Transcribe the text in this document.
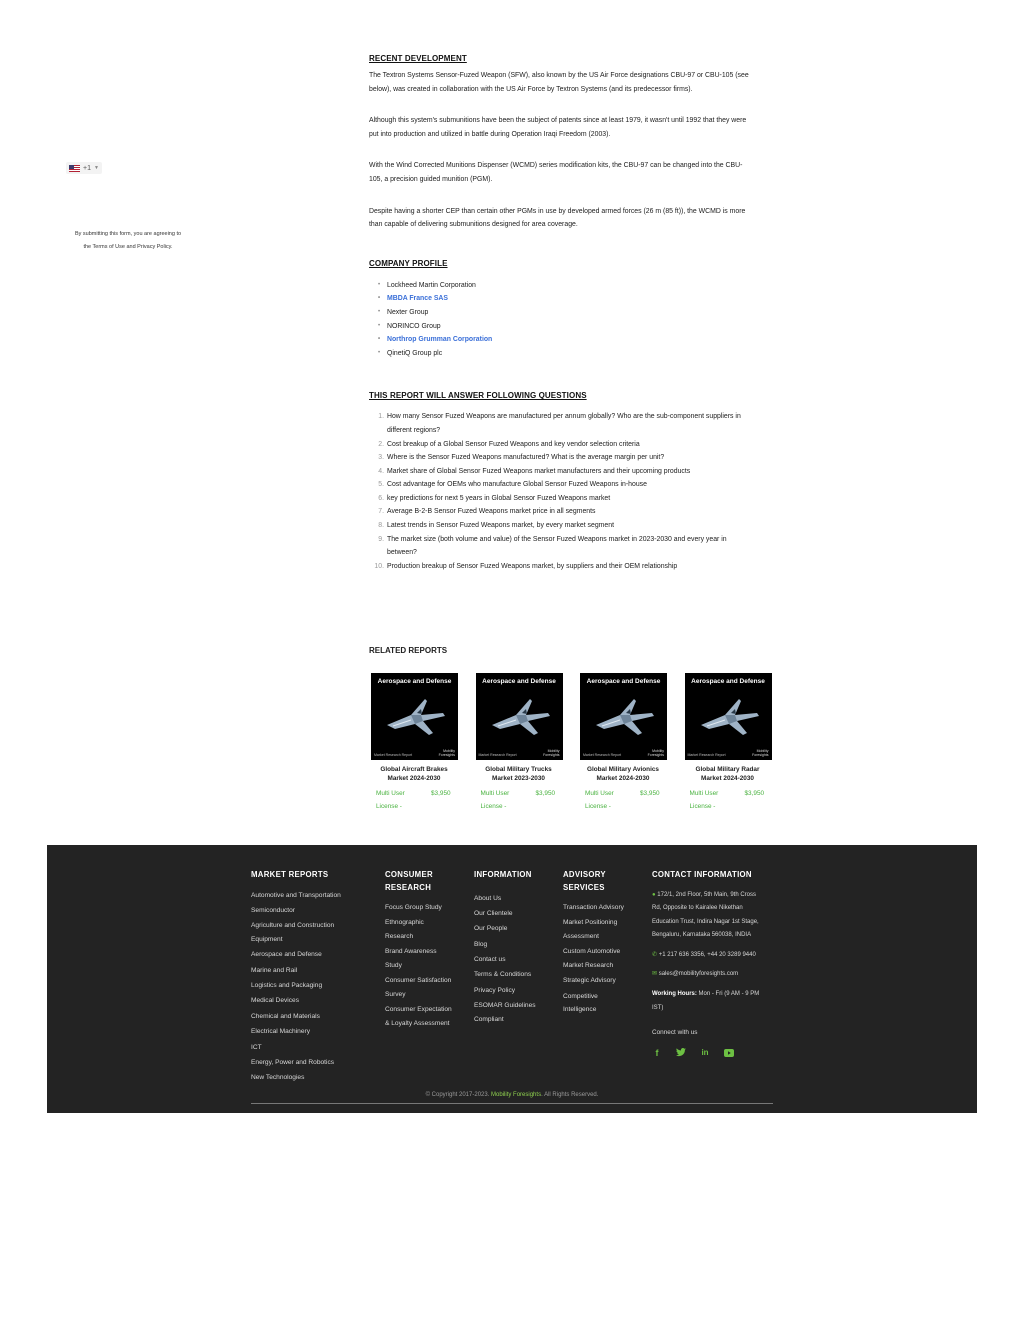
+1 ▼
By submitting this form, you are agreeing to
the Terms of Use and Privacy Policy.
RECENT DEVELOPMENT
The Textron Systems Sensor-Fuzed Weapon (SFW), also known by the US Air Force designations CBU-97 or CBU-105 (see
below), was created in collaboration with the US Air Force by Textron Systems (and its predecessor firms).
Although this system's submunitions have been the subject of patents since at least 1979, it wasn't until 1992 that they were
put into production and utilized in battle during Operation Iraqi Freedom (2003).
With the Wind Corrected Munitions Dispenser (WCMD) series modification kits, the CBU-97 can be changed into the CBU-
105, a precision guided munition (PGM).
Despite having a shorter CEP than certain other PGMs in use by developed armed forces (26 m (85 ft)), the WCMD is more
than capable of delivering submunitions designed for area coverage.
COMPANY PROFILE
• Lockheed Martin Corporation
• MBDA France SAS
• Nexter Group
• NORINCO Group
• Northrop Grumman Corporation
• QinetiQ Group plc
THIS REPORT WILL ANSWER FOLLOWING QUESTIONS
1. How many Sensor Fuzed Weapons are manufactured per annum globally? Who are the sub-component suppliers in
different regions?
2. Cost breakup of a Global Sensor Fuzed Weapons and key vendor selection criteria
3. Where is the Sensor Fuzed Weapons manufactured? What is the average margin per unit?
4. Market share of Global Sensor Fuzed Weapons market manufacturers and their upcoming products
5. Cost advantage for OEMs who manufacture Global Sensor Fuzed Weapons in-house
6. key predictions for next 5 years in Global Sensor Fuzed Weapons market
7. Average B-2-B Sensor Fuzed Weapons market price in all segments
8. Latest trends in Sensor Fuzed Weapons market, by every market segment
9. The market size (both volume and value) of the Sensor Fuzed Weapons market in 2023-2030 and every year in
between?
10. Production breakup of Sensor Fuzed Weapons market, by suppliers and their OEM relationship
RELATED REPORTS
Aerospace and Defense
Market Research Report
Mobility
Foresights
Global Aircraft Brakes
Market 2024-2030
Multi User
License -
$3,950
Aerospace and Defense
Market Research Report
Mobility
Foresights
Global Military Trucks
Market 2023-2030
Multi User
License -
$3,950
Aerospace and Defense
Market Research Report
Mobility
Foresights
Global Military Avionics
Market 2024-2030
Multi User
License -
$3,950
Aerospace and Defense
Market Research Report
Mobility
Foresights
Global Military Radar
Market 2024-2030
Multi User
License -
$3,950
MARKET REPORTS
Automotive and Transportation
Semiconductor
Agriculture and Construction
Equipment
Aerospace and Defense
Marine and Rail
Logistics and Packaging
Medical Devices
Chemical and Materials
Electrical Machinery
ICT
Energy, Power and Robotics
New Technologies
CONSUMER
RESEARCH
Focus Group Study
Ethnographic
Research
Brand Awareness
Study
Consumer Satisfaction
Survey
Consumer Expectation
& Loyalty Assessment
INFORMATION
About Us
Our Clientele
Our People
Blog
Contact us
Terms & Conditions
Privacy Policy
ESOMAR Guidelines
Compliant
ADVISORY
SERVICES
Transaction Advisory
Market Positioning
Assessment
Custom Automotive
Market Research
Strategic Advisory
Competitive
Intelligence
CONTACT INFORMATION

● 172/1, 2nd Floor, 5th Main, 9th Cross

Rd, Opposite to Kairalee Nikethan

Education Trust, Indira Nagar 1st Stage,

Bengaluru, Karnataka 560038, INDIA

✆ +1 217 636 3356, +44 20 3289 9440

✉ sales@mobilityforesights.com

Working Hours: Mon - Fri (9 AM - 9 PM

IST)

Connect with us

f	in
© Copyright 2017-2023. Mobility Foresights. All Rights Reserved.
